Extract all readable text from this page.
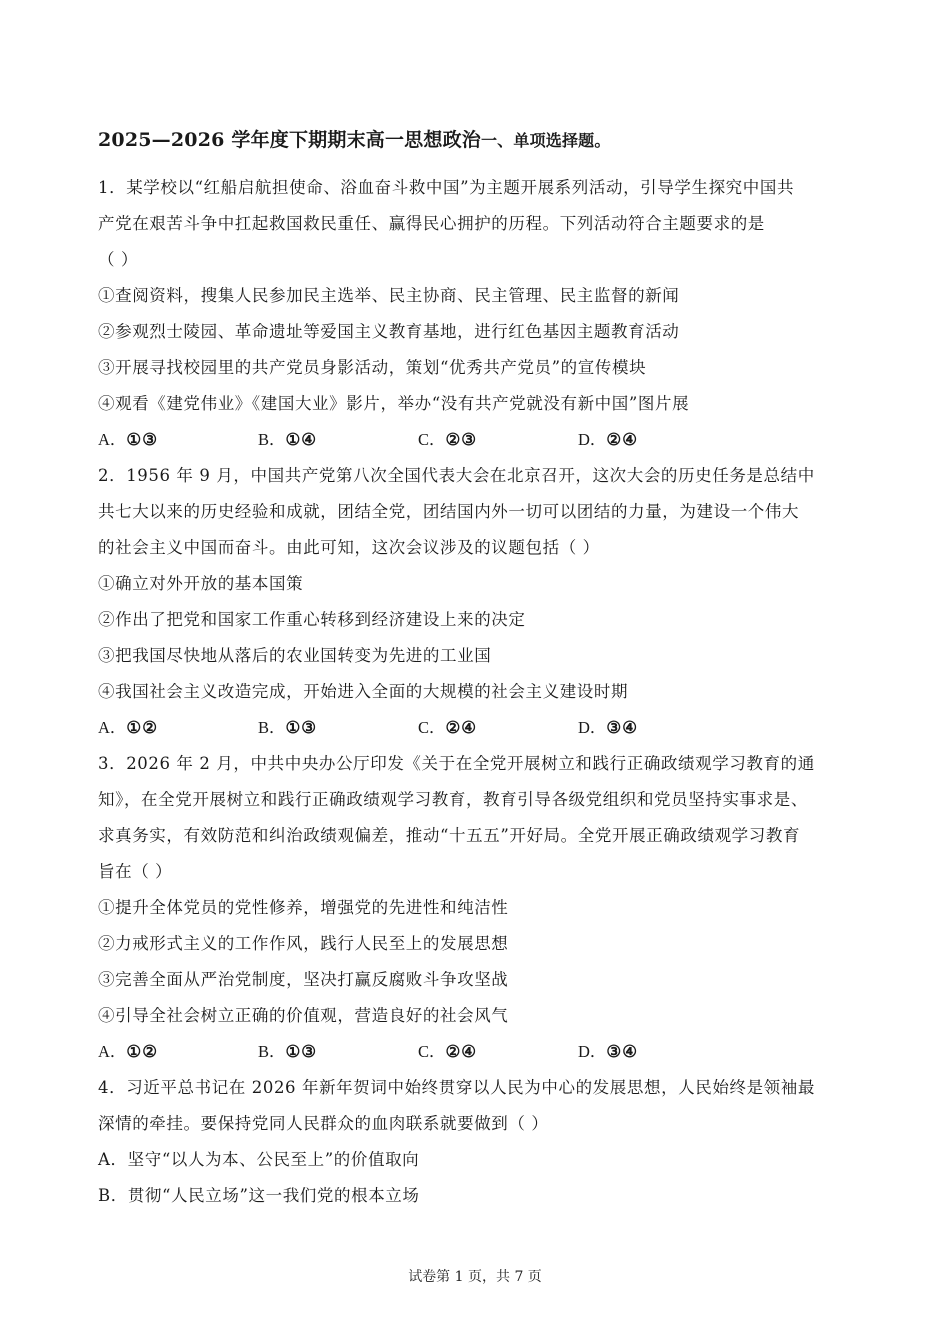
2025—2026 学年度下期期末高一思想政治一、单项选择题。
1．某学校以“红船启航担使命、浴血奋斗救中国”为主题开展系列活动，引导学生探究中国共
产党在艰苦斗争中扛起救国救民重任、赢得民心拥护的历程。下列活动符合主题要求的是
（ ）
①查阅资料，搜集人民参加民主选举、民主协商、民主管理、民主监督的新闻
②参观烈士陵园、革命遗址等爱国主义教育基地，进行红色基因主题教育活动
③开展寻找校园里的共产党员身影活动，策划“优秀共产党员”的宣传模块
④观看《建党伟业》《建国大业》影片，举办“没有共产党就没有新中国”图片展
A．①③	B．①④	C．②③	D．②④
2．1956 年 9 月，中国共产党第八次全国代表大会在北京召开，这次大会的历史任务是总结中
共七大以来的历史经验和成就，团结全党，团结国内外一切可以团结的力量，为建设一个伟大
的社会主义中国而奋斗。由此可知，这次会议涉及的议题包括（ ）
①确立对外开放的基本国策
②作出了把党和国家工作重心转移到经济建设上来的决定
③把我国尽快地从落后的农业国转变为先进的工业国
④我国社会主义改造完成，开始进入全面的大规模的社会主义建设时期
A．①②	B．①③	C．②④	D．③④
3．2026 年 2 月，中共中央办公厅印发《关于在全党开展树立和践行正确政绩观学习教育的通
知》，在全党开展树立和践行正确政绩观学习教育，教育引导各级党组织和党员坚持实事求是、
求真务实，有效防范和纠治政绩观偏差，推动“十五五”开好局。全党开展正确政绩观学习教育
旨在（ ）
①提升全体党员的党性修养，增强党的先进性和纯洁性
②力戒形式主义的工作作风，践行人民至上的发展思想
③完善全面从严治党制度，坚决打赢反腐败斗争攻坚战
④引导全社会树立正确的价值观，营造良好的社会风气
A．①②	B．①③	C．②④	D．③④
4．习近平总书记在 2026 年新年贺词中始终贯穿以人民为中心的发展思想，人民始终是领袖最
深情的牵挂。要保持党同人民群众的血肉联系就要做到（ ）
A．坚守“以人为本、公民至上”的价值取向
B．贯彻“人民立场”这一我们党的根本立场
试卷第 1 页，共 7 页
